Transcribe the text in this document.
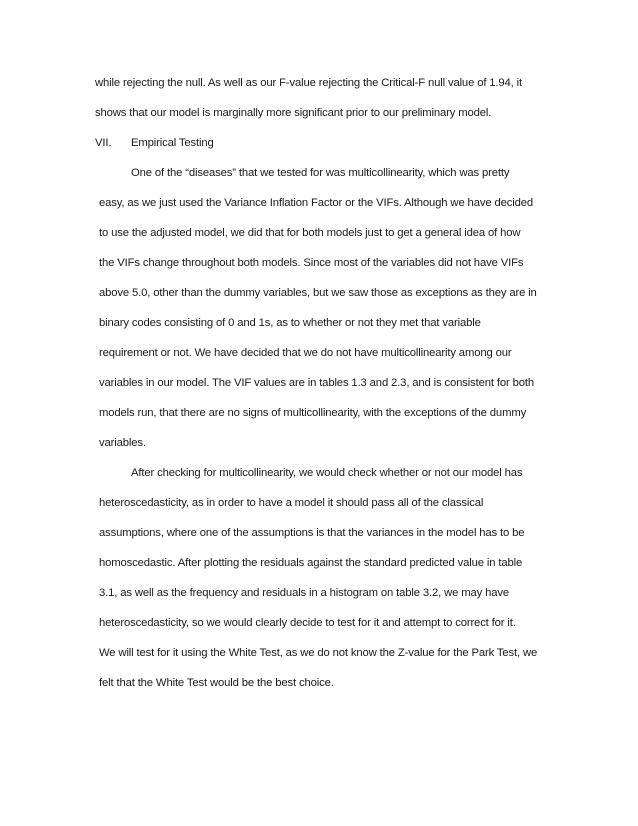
while rejecting the null. As well as our F-value rejecting the Critical-F null value of 1.94, it
shows that our model is marginally more significant prior to our preliminary model.
VII. Empirical Testing
One of the “diseases” that we tested for was multicollinearity, which was pretty
easy, as we just used the Variance Inflation Factor or the VIFs. Although we have decided
to use the adjusted model, we did that for both models just to get a general idea of how
the VIFs change throughout both models. Since most of the variables did not have VIFs
above 5.0, other than the dummy variables, but we saw those as exceptions as they are in
binary codes consisting of 0 and 1s, as to whether or not they met that variable
requirement or not. We have decided that we do not have multicollinearity among our
variables in our model. The VIF values are in tables 1.3 and 2.3, and is consistent for both
models run, that there are no signs of multicollinearity, with the exceptions of the dummy
variables.
After checking for multicollinearity, we would check whether or not our model has
heteroscedasticity, as in order to have a model it should pass all of the classical
assumptions, where one of the assumptions is that the variances in the model has to be
homoscedastic. After plotting the residuals against the standard predicted value in table
3.1, as well as the frequency and residuals in a histogram on table 3.2, we may have
heteroscedasticity, so we would clearly decide to test for it and attempt to correct for it.
We will test for it using the White Test, as we do not know the Z-value for the Park Test, we
felt that the White Test would be the best choice.
